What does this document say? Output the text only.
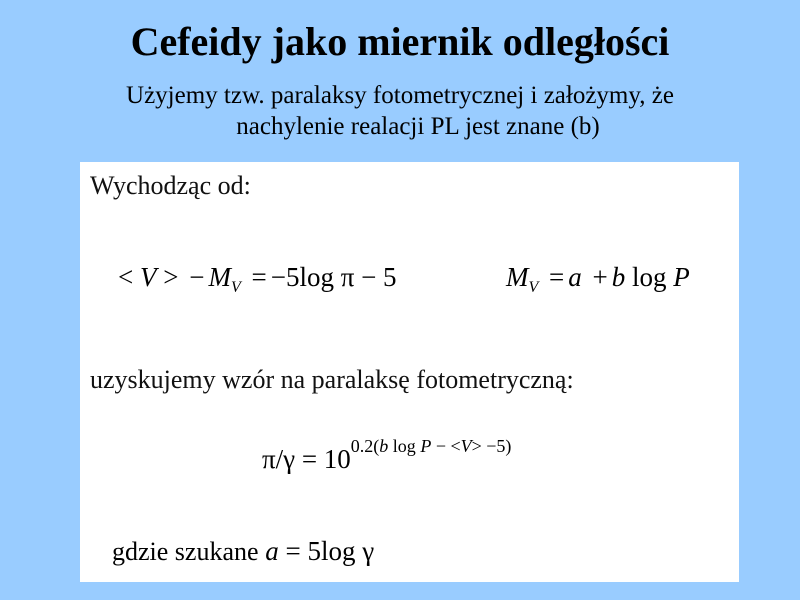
Cefeidy jako miernik odległości
Użyjemy tzw. paralaksy fotometrycznej i założymy, że
nachylenie realacji PL jest znane (b)
Wychodząc od:
< V > − $M_V = -5\log$ π − 5	$M_V = a + b$ log P
uzyskujemy wzór na paralaksę fotometryczną:
$\pi/\gamma = 10^{0.2(b log P - <V> -5)}$
gdzie szukane a = 5log γ
